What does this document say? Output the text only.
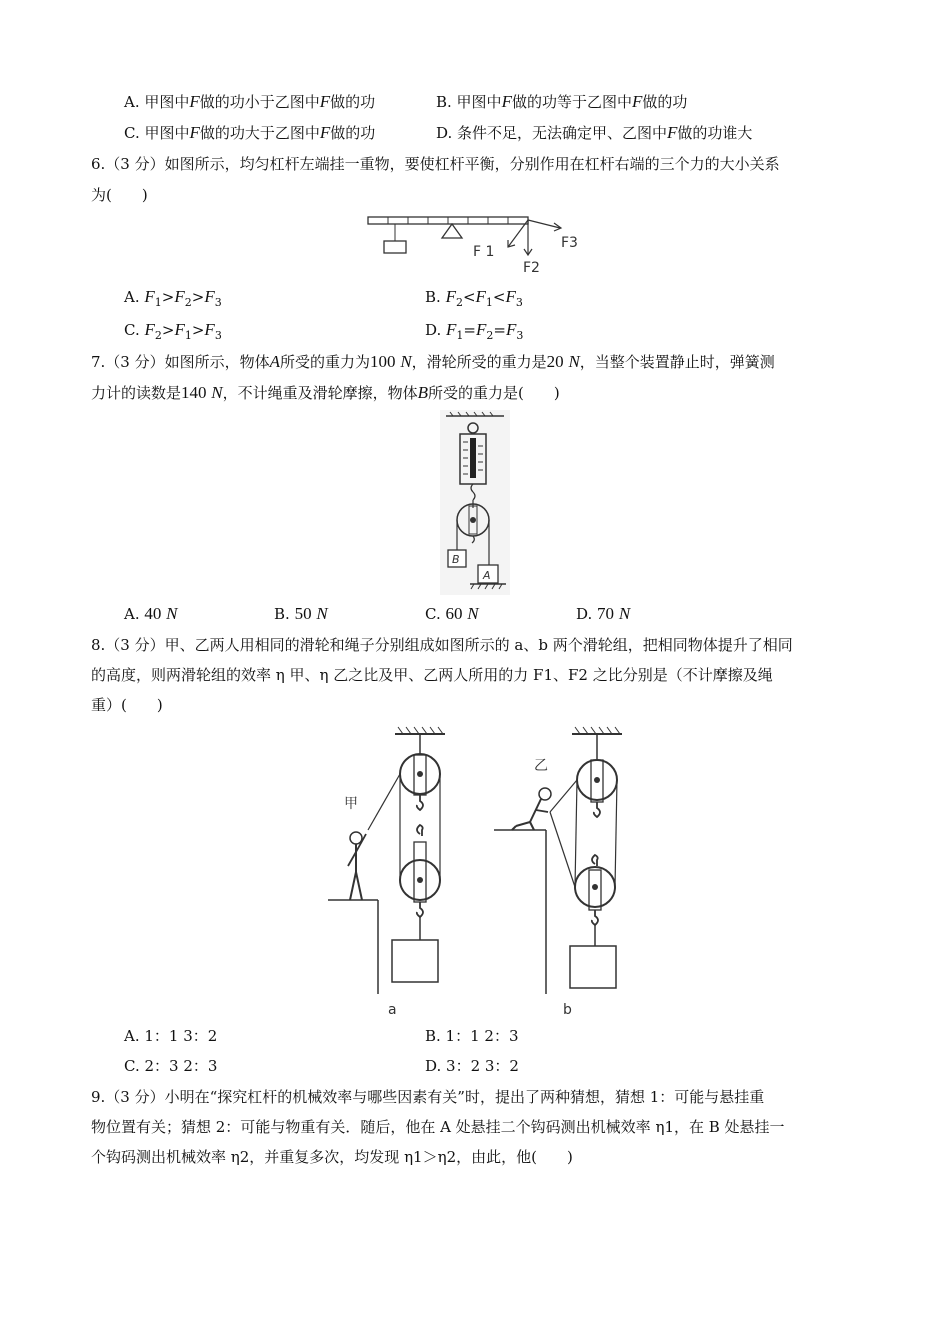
A. 甲图中F做的功小于乙图中F做的功	B. 甲图中F做的功等于乙图中F做的功
C. 甲图中F做的功大于乙图中F做的功	D. 条件不足，无法确定甲、乙图中F做的功谁大
6.（3 分）如图所示，均匀杠杆左端挂一重物，要使杠杆平衡，分别作用在杠杆右端的三个力的大小关系
为(　　)
F 1
F2
F3
A. $F_1>F_2>F_3$	B. $F_2<F_1<F_3$
C. $F_2>F_1>F_3$	D. $F_1=F_2=F_3$
7.（3 分）如图所示，物体A所受的重力为100 N，滑轮所受的重力是20 N，当整个装置静止时，弹簧测
力计的读数是140 N，不计绳重及滑轮摩擦，物体B所受的重力是(　　)
B
A
A. 40 N	B. 50 N	C. 60 N	D. 70 N
8.（3 分）甲、乙两人用相同的滑轮和绳子分别组成如图所示的 a、b 两个滑轮组，把相同物体提升了相同
的高度，则两滑轮组的效率 η 甲、η 乙之比及甲、乙两人所用的力 F1、F2 之比分别是（不计摩擦及绳
重）(　　)
甲
a
乙
b
A. 1：1 3：2	B. 1：1 2：3
C. 2：3 2：3	D. 3：2 3：2
9.（3 分）小明在“探究杠杆的机械效率与哪些因素有关”时，提出了两种猜想，猜想 1：可能与悬挂重
物位置有关；猜想 2：可能与物重有关．随后，他在 A 处悬挂二个钩码测出机械效率 η1，在 B 处悬挂一
个钩码测出机械效率 η2，并重复多次，均发现 η1＞η2，由此，他(　　)
